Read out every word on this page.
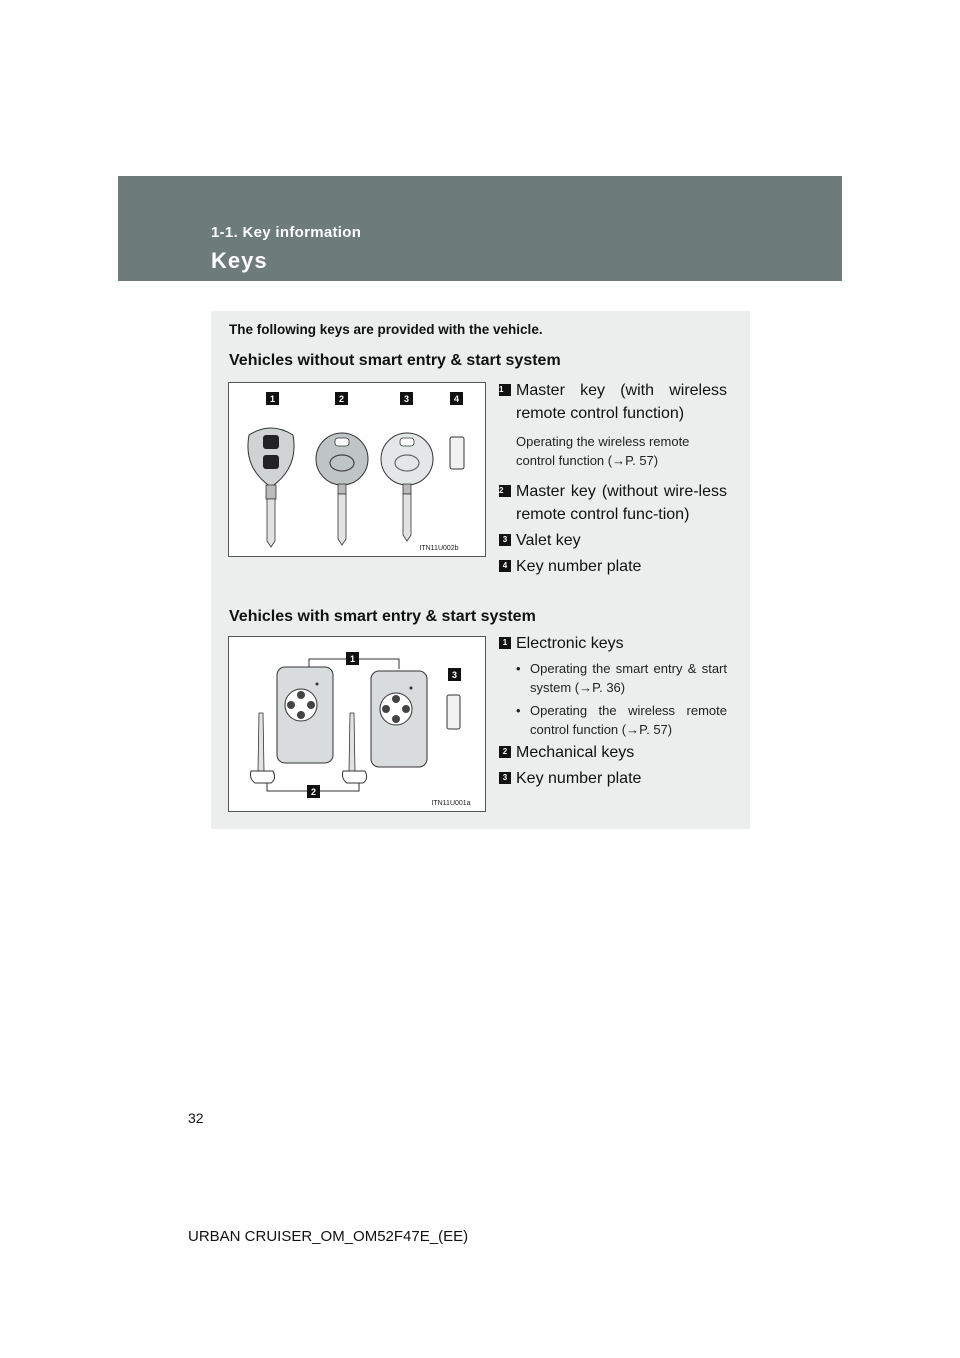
1-1. Key information
Keys
The following keys are provided with the vehicle.
Vehicles without smart entry & start system
1	2	3	4
ITN11U002b
1 Master key (with wireless remote control function)
Operating the wireless remote control function (→P. 57)
2 Master key (without wire-less remote control func-tion)
3 Valet key
4 Key number plate
Vehicles with smart entry & start system
1
3
2
ITN11U001a
1 Electronic keys
• Operating the smart entry & start system (→P. 36)
• Operating the wireless remote control function (→P. 57)
2 Mechanical keys
3 Key number plate
32
URBAN CRUISER_OM_OM52F47E_(EE)
